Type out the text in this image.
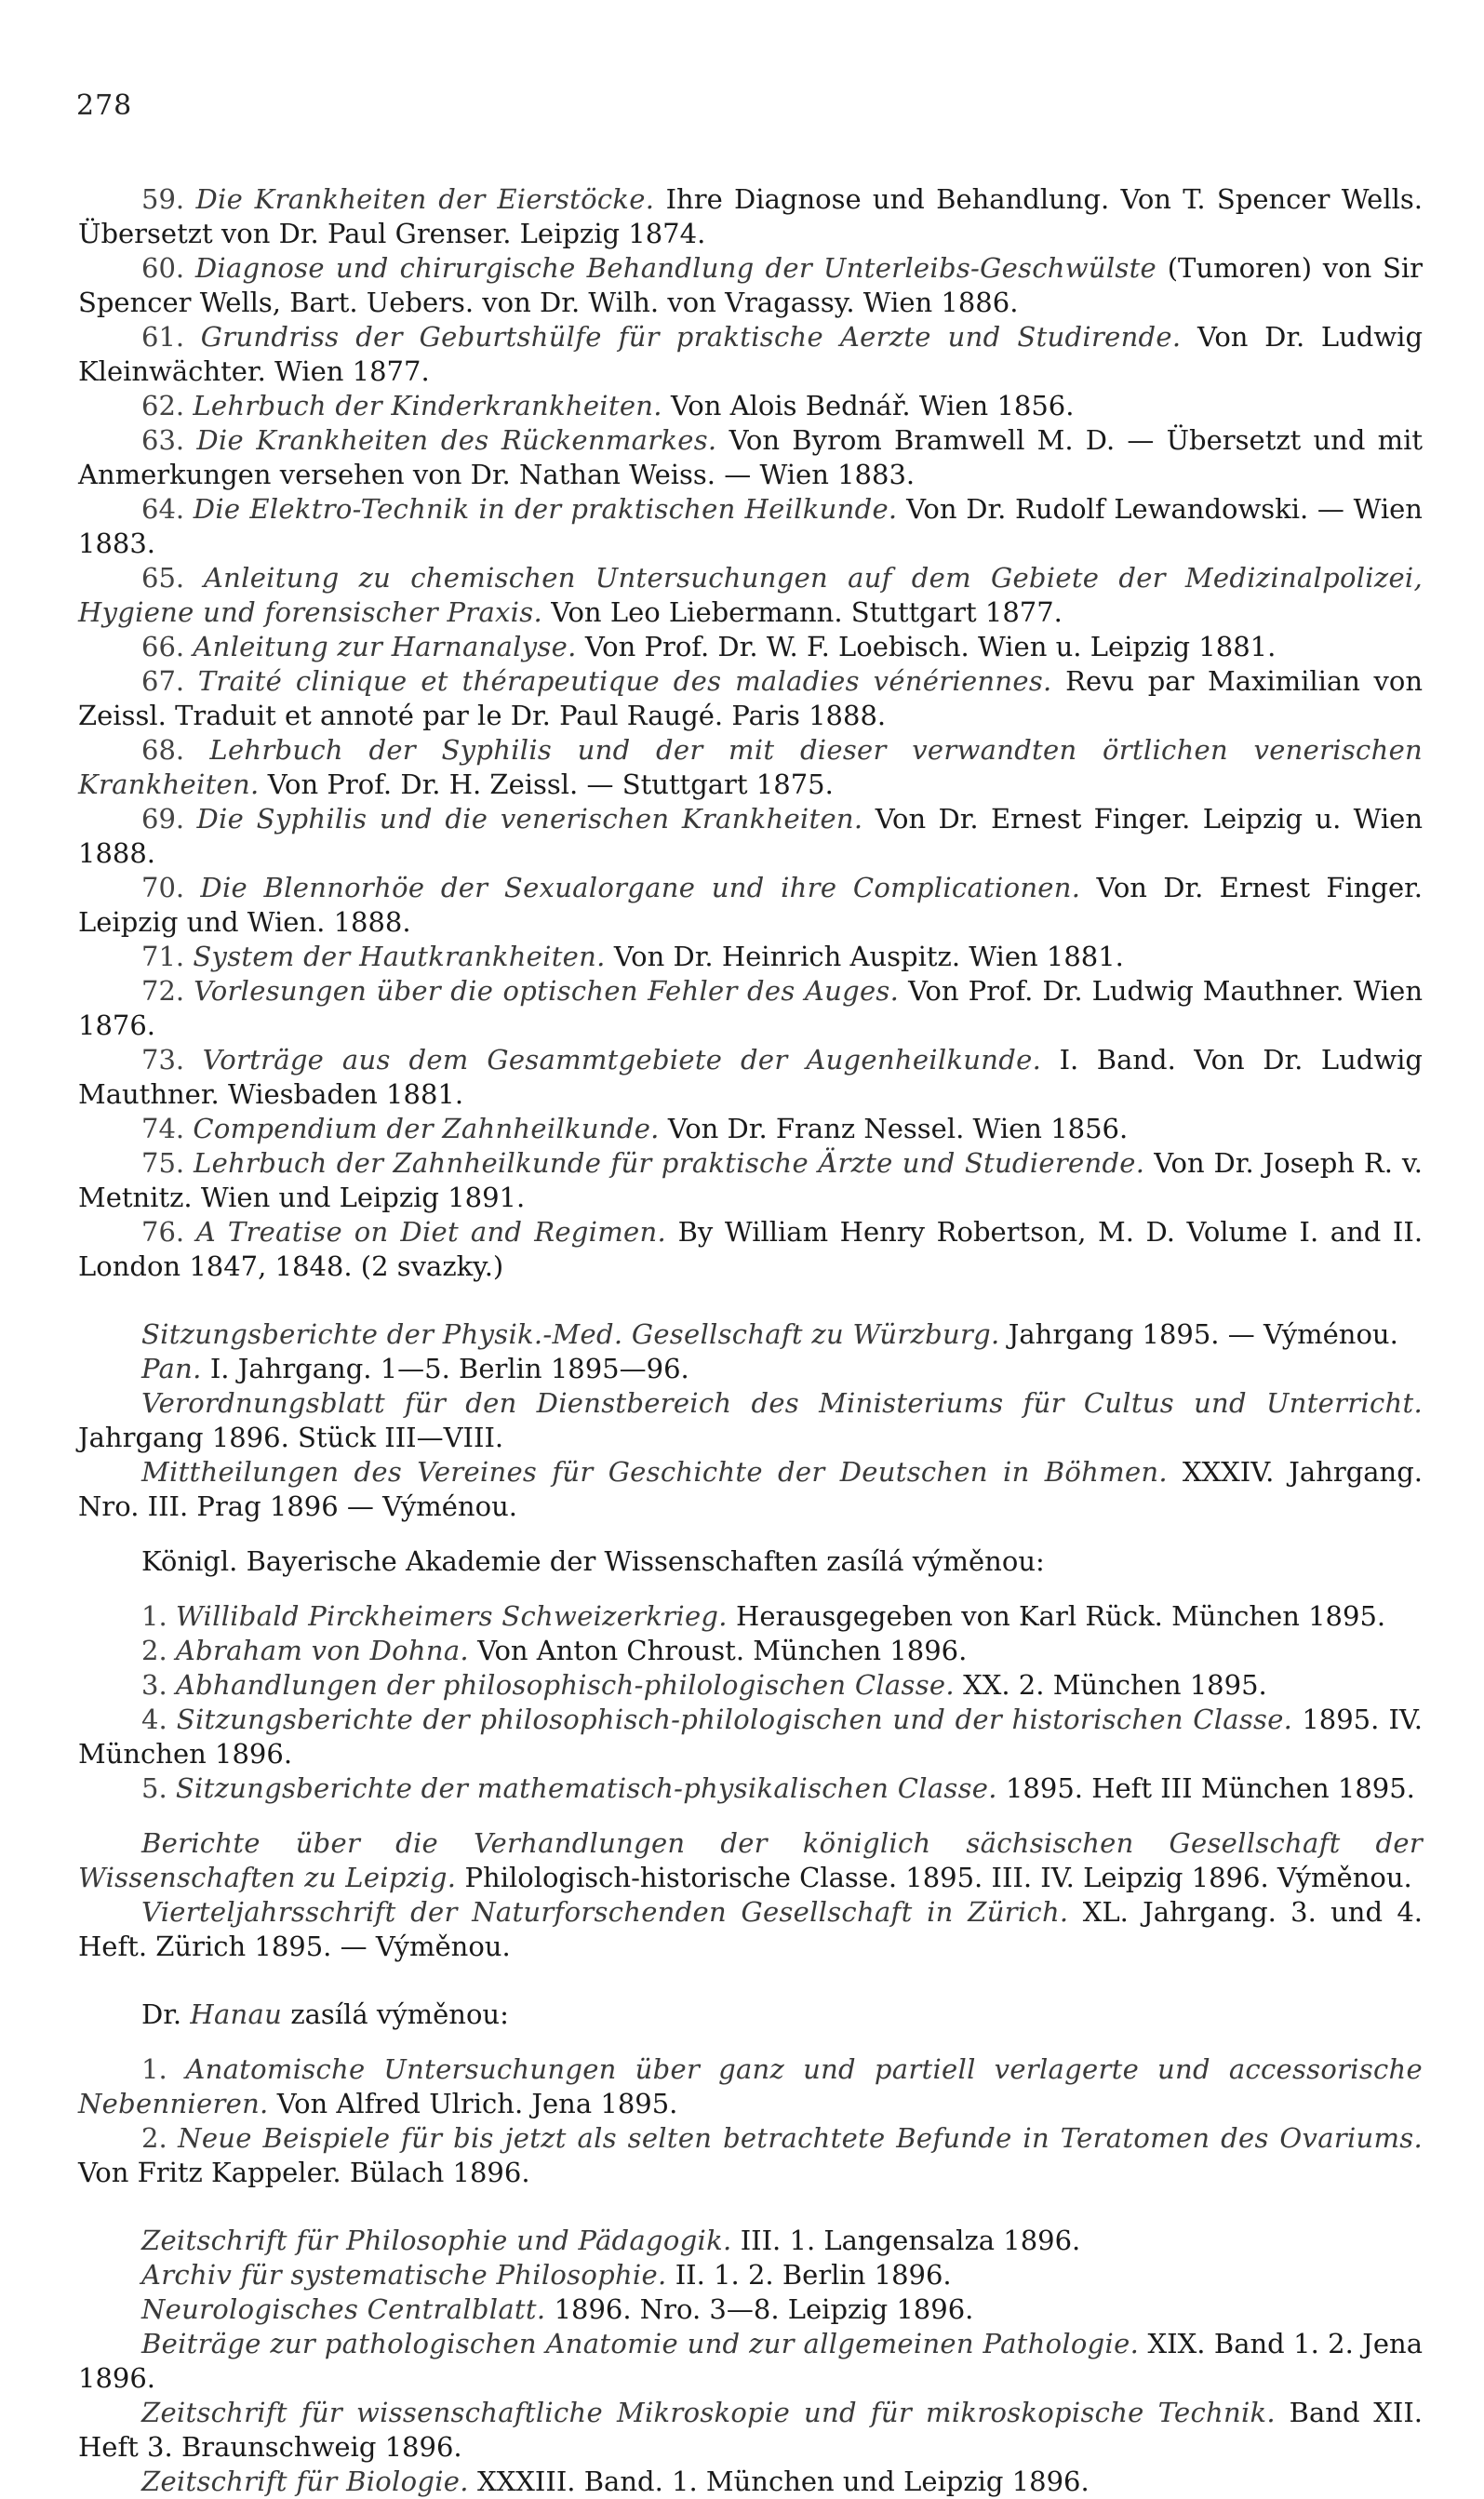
278

59. Die Krankheiten der Eierstöcke. Ihre Diagnose und Behandlung. Von T. Spencer Wells. Übersetzt von Dr. Paul Grenser. Leipzig 1874.

60. Diagnose und chirurgische Behandlung der Unterleibs-Geschwülste (Tumoren) von Sir Spencer Wells, Bart. Uebers. von Dr. Wilh. von Vragassy. Wien 1886.

61. Grundriss der Geburtshülfe für praktische Aerzte und Studirende. Von Dr. Ludwig Kleinwächter. Wien 1877.

62. Lehrbuch der Kinderkrankheiten. Von Alois Bednář. Wien 1856.

63. Die Krankheiten des Rückenmarkes. Von Byrom Bramwell M. D. — Übersetzt und mit Anmerkungen versehen von Dr. Nathan Weiss. — Wien 1883.

64. Die Elektro-Technik in der praktischen Heilkunde. Von Dr. Rudolf Lewandowski. — Wien 1883.

65. Anleitung zu chemischen Untersuchungen auf dem Gebiete der Medizinalpolizei, Hygiene und forensischer Praxis. Von Leo Liebermann. Stuttgart 1877.

66. Anleitung zur Harnanalyse. Von Prof. Dr. W. F. Loebisch. Wien u. Leipzig 1881.

67. Traité clinique et thérapeutique des maladies vénériennes. Revu par Maximilian von Zeissl. Traduit et annoté par le Dr. Paul Raugé. Paris 1888.

68. Lehrbuch der Syphilis und der mit dieser verwandten örtlichen venerischen Krankheiten. Von Prof. Dr. H. Zeissl. — Stuttgart 1875.

69. Die Syphilis und die venerischen Krankheiten. Von Dr. Ernest Finger. Leipzig u. Wien 1888.

70. Die Blennorhöe der Sexualorgane und ihre Complicationen. Von Dr. Ernest Finger. Leipzig und Wien. 1888.

71. System der Hautkrankheiten. Von Dr. Heinrich Auspitz. Wien 1881.

72. Vorlesungen über die optischen Fehler des Auges. Von Prof. Dr. Ludwig Mauthner. Wien 1876.

73. Vorträge aus dem Gesammtgebiete der Augenheilkunde. I. Band. Von Dr. Ludwig Mauthner. Wiesbaden 1881.

74. Compendium der Zahnheilkunde. Von Dr. Franz Nessel. Wien 1856.

75. Lehrbuch der Zahnheilkunde für praktische Ärzte und Studierende. Von Dr. Joseph R. v. Metnitz. Wien und Leipzig 1891.

76. A Treatise on Diet and Regimen. By William Henry Robertson, M. D. Volume I. and II. London 1847, 1848. (2 svazky.)

Sitzungsberichte der Physik.-Med. Gesellschaft zu Würzburg. Jahrgang 1895. — Výménou.

Pan. I. Jahrgang. 1—5. Berlin 1895—96.

Verordnungsblatt für den Dienstbereich des Ministeriums für Cultus und Unterricht. Jahrgang 1896. Stück III—VIII.

Mittheilungen des Vereines für Geschichte der Deutschen in Böhmen. XXXIV. Jahrgang. Nro. III. Prag 1896 — Výménou.

Königl. Bayerische Akademie der Wissenschaften zasílá výměnou:

1. Willibald Pirckheimers Schweizerkrieg. Herausgegeben von Karl Rück. München 1895.

2. Abraham von Dohna. Von Anton Chroust. München 1896.

3. Abhandlungen der philosophisch-philologischen Classe. XX. 2. München 1895.

4. Sitzungsberichte der philosophisch-philologischen und der historischen Classe. 1895. IV. München 1896.

5. Sitzungsberichte der mathematisch-physikalischen Classe. 1895. Heft III München 1895.

Berichte über die Verhandlungen der königlich sächsischen Gesellschaft der Wissenschaften zu Leipzig. Philologisch-historische Classe. 1895. III. IV. Leipzig 1896. Výměnou.

Vierteljahrsschrift der Naturforschenden Gesellschaft in Zürich. XL. Jahrgang. 3. und 4. Heft. Zürich 1895. — Výměnou.

Dr. Hanau zasílá výměnou:

1. Anatomische Untersuchungen über ganz und partiell verlagerte und accessorische Nebennieren. Von Alfred Ulrich. Jena 1895.

2. Neue Beispiele für bis jetzt als selten betrachtete Befunde in Teratomen des Ovariums. Von Fritz Kappeler. Bülach 1896.

Zeitschrift für Philosophie und Pädagogik. III. 1. Langensalza 1896.

Archiv für systematische Philosophie. II. 1. 2. Berlin 1896.

Neurologisches Centralblatt. 1896. Nro. 3—8. Leipzig 1896.

Beiträge zur pathologischen Anatomie und zur allgemeinen Pathologie. XIX. Band 1. 2. Jena 1896.

Zeitschrift für wissenschaftliche Mikroskopie und für mikroskopische Technik. Band XII. Heft 3. Braunschweig 1896.

Zeitschrift für Biologie. XXXIII. Band. 1. München und Leipzig 1896.
